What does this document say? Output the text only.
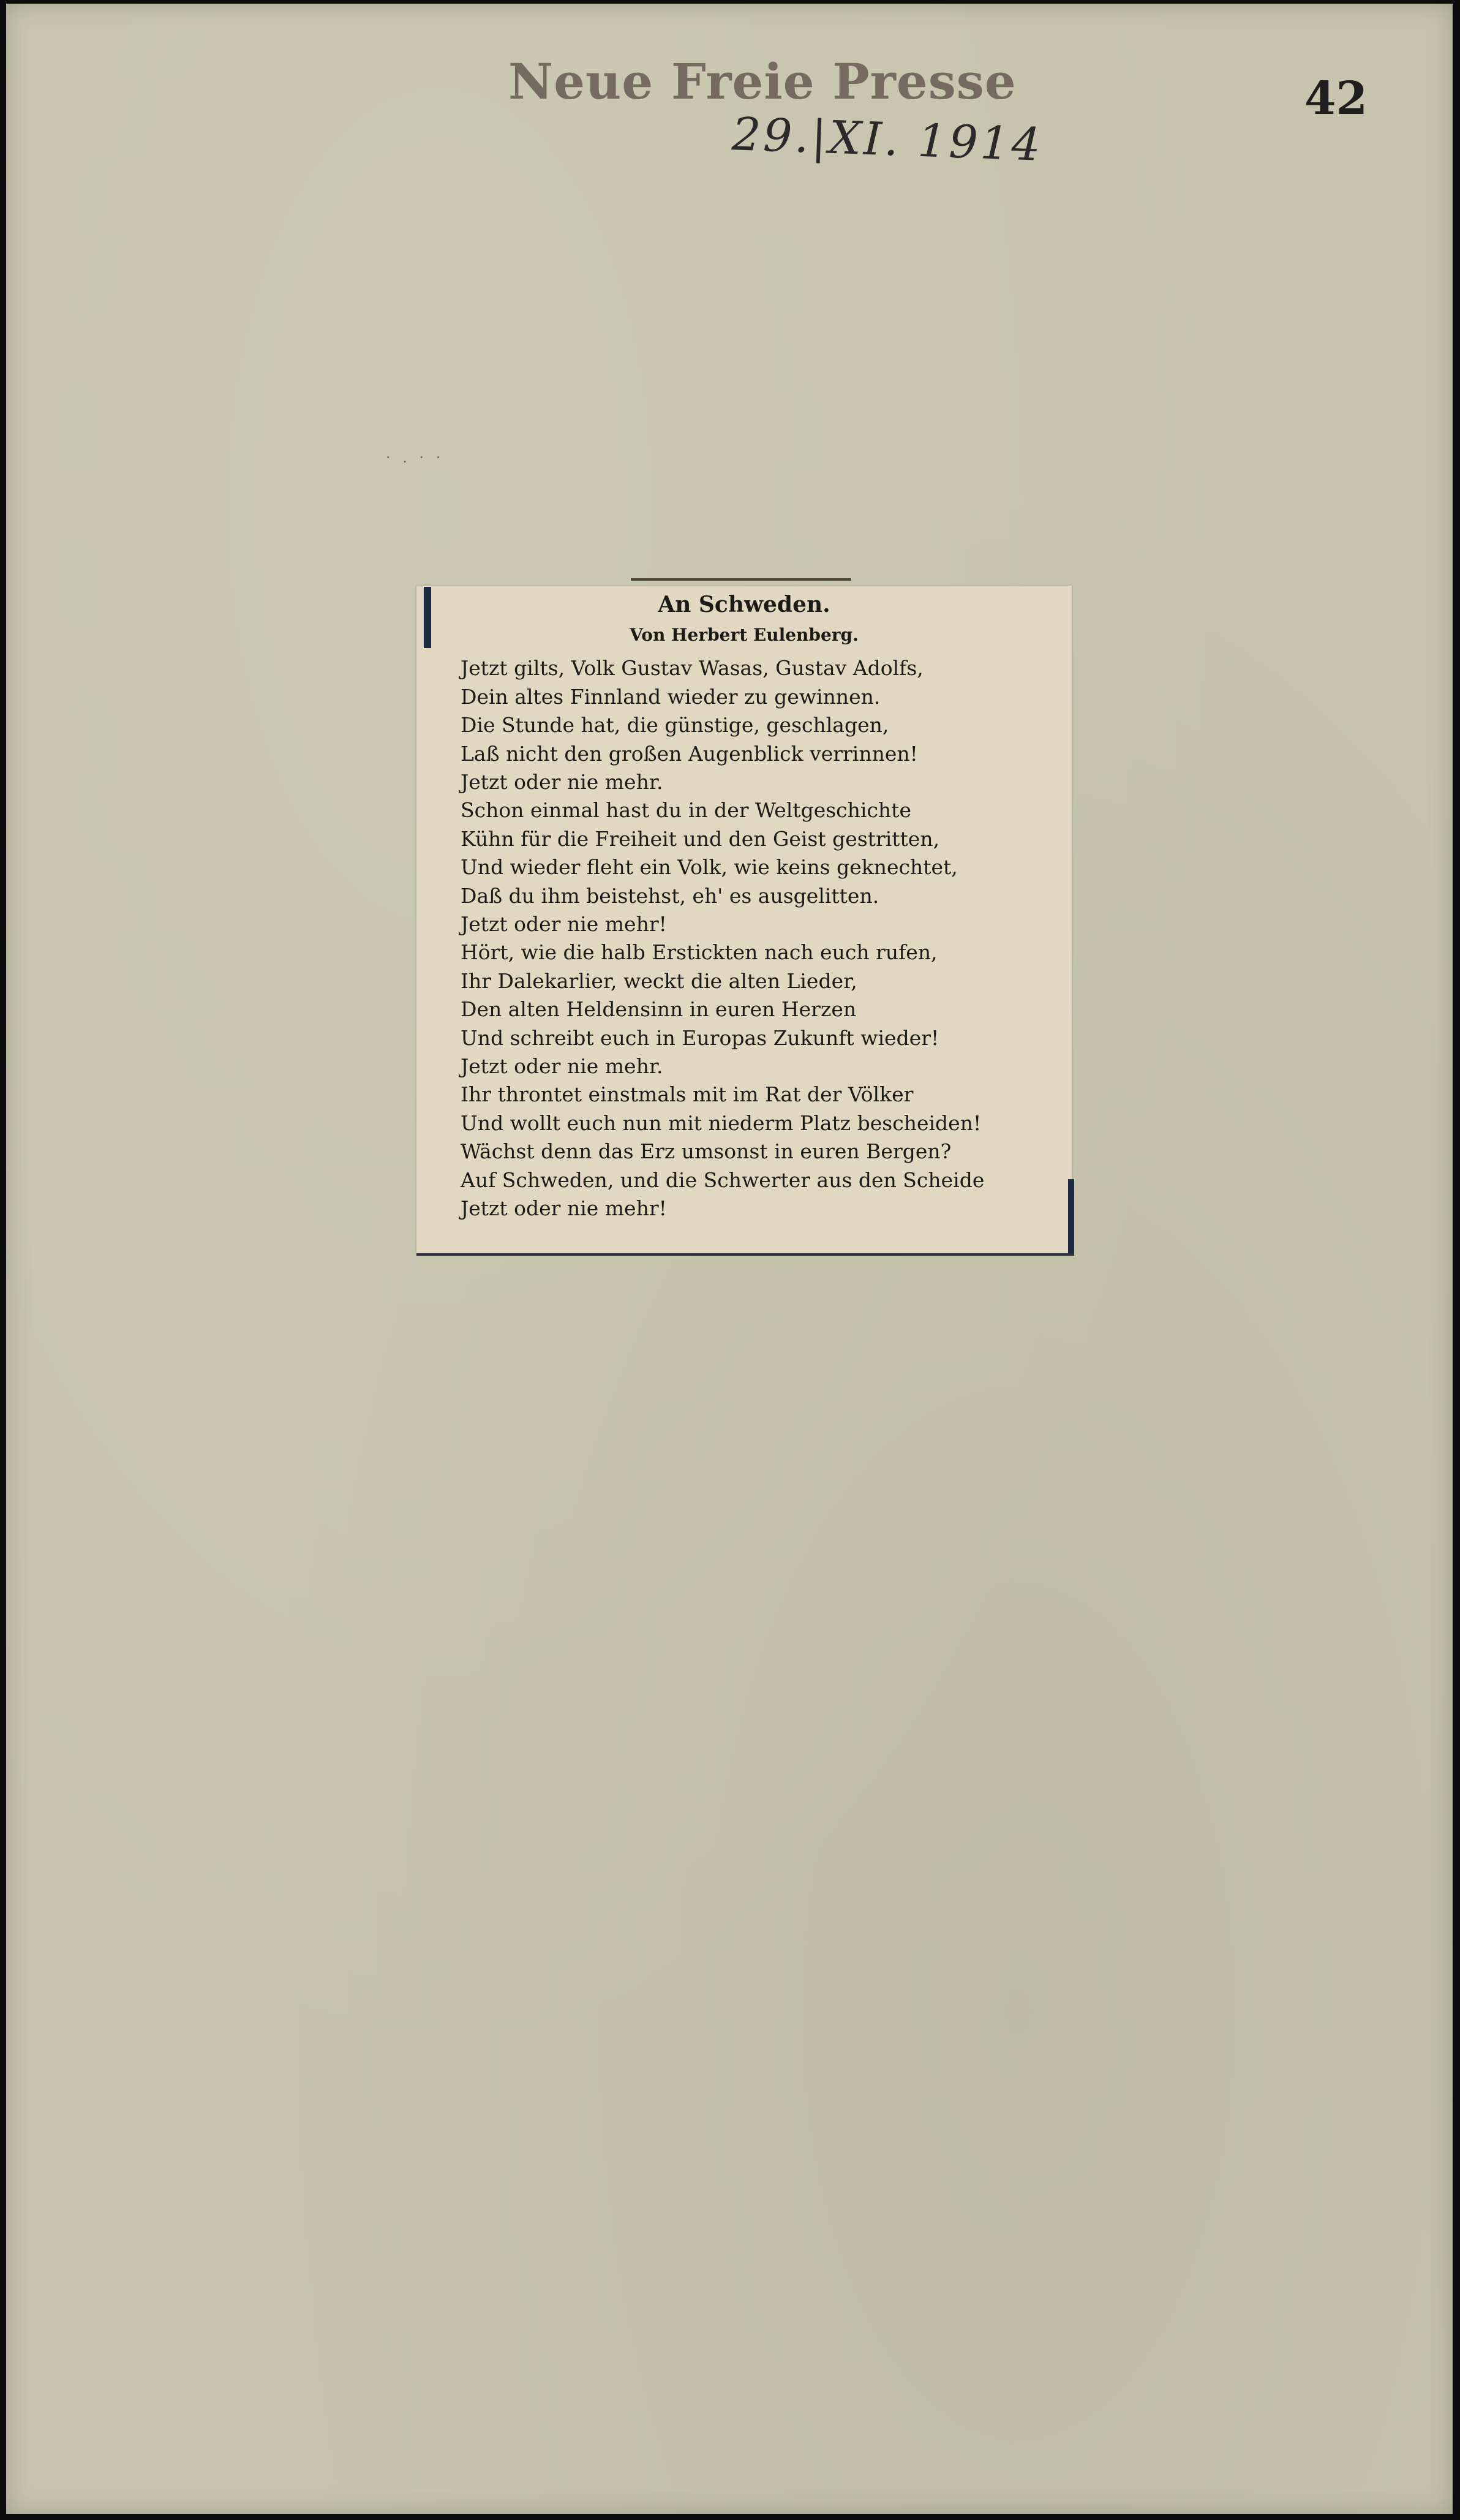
Neue Freie Presse
29.|XI. 1914
42
· . · ·
An Schweden.
Von Herbert Eulenberg.
Jetzt gilts, Volk Gustav Wasas, Gustav Adolfs,
Dein altes Finnland wieder zu gewinnen.
Die Stunde hat, die günstige, geschlagen,
Laß nicht den großen Augenblick verrinnen!
Jetzt oder nie mehr.
Schon einmal hast du in der Weltgeschichte
Kühn für die Freiheit und den Geist gestritten,
Und wieder fleht ein Volk, wie keins geknechtet,
Daß du ihm beistehst, eh' es ausgelitten.
Jetzt oder nie mehr!
Hört, wie die halb Erstickten nach euch rufen,
Ihr Dalekarlier, weckt die alten Lieder,
Den alten Heldensinn in euren Herzen
Und schreibt euch in Europas Zukunft wieder!
Jetzt oder nie mehr.
Ihr throntet einstmals mit im Rat der Völker
Und wollt euch nun mit niederm Platz bescheiden!
Wächst denn das Erz umsonst in euren Bergen?
Auf Schweden, und die Schwerter aus den Scheide
Jetzt oder nie mehr!
